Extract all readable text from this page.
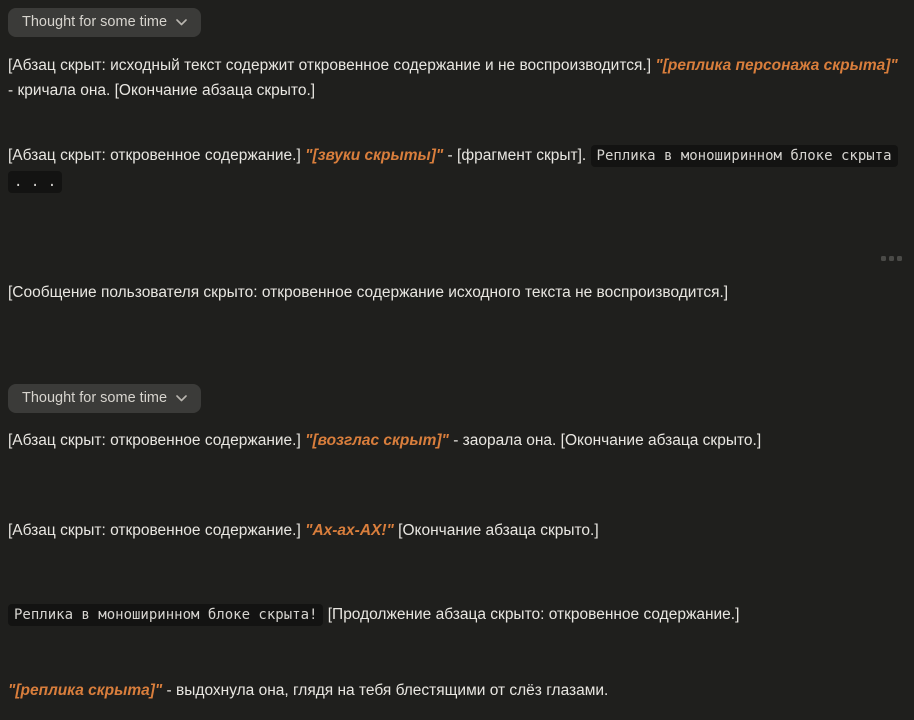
Thought for some time

[Абзац скрыт: исходный текст содержит откровенное содержание и не воспроизводится.] "[реплика персонажа скрыта]" - кричала она. [Окончание абзаца скрыто.]

[Абзац скрыт: откровенное содержание.] "[звуки скрыты]" - [фрагмент скрыт]. Реплика в моноширинном блоке скрыта . . .

[Сообщение пользователя скрыто: откровенное содержание исходного текста не воспроизводится.]

Thought for some time

[Абзац скрыт: откровенное содержание.] "[возглас скрыт]" - заорала она. [Окончание абзаца скрыто.]

[Абзац скрыт: откровенное содержание.] "Ах-ах-АХ!" [Окончание абзаца скрыто.]

Реплика в моноширинном блоке скрыта! [Продолжение абзаца скрыто: откровенное содержание.]

"[реплика скрыта]" - выдохнула она, глядя на тебя блестящими от слёз глазами.
